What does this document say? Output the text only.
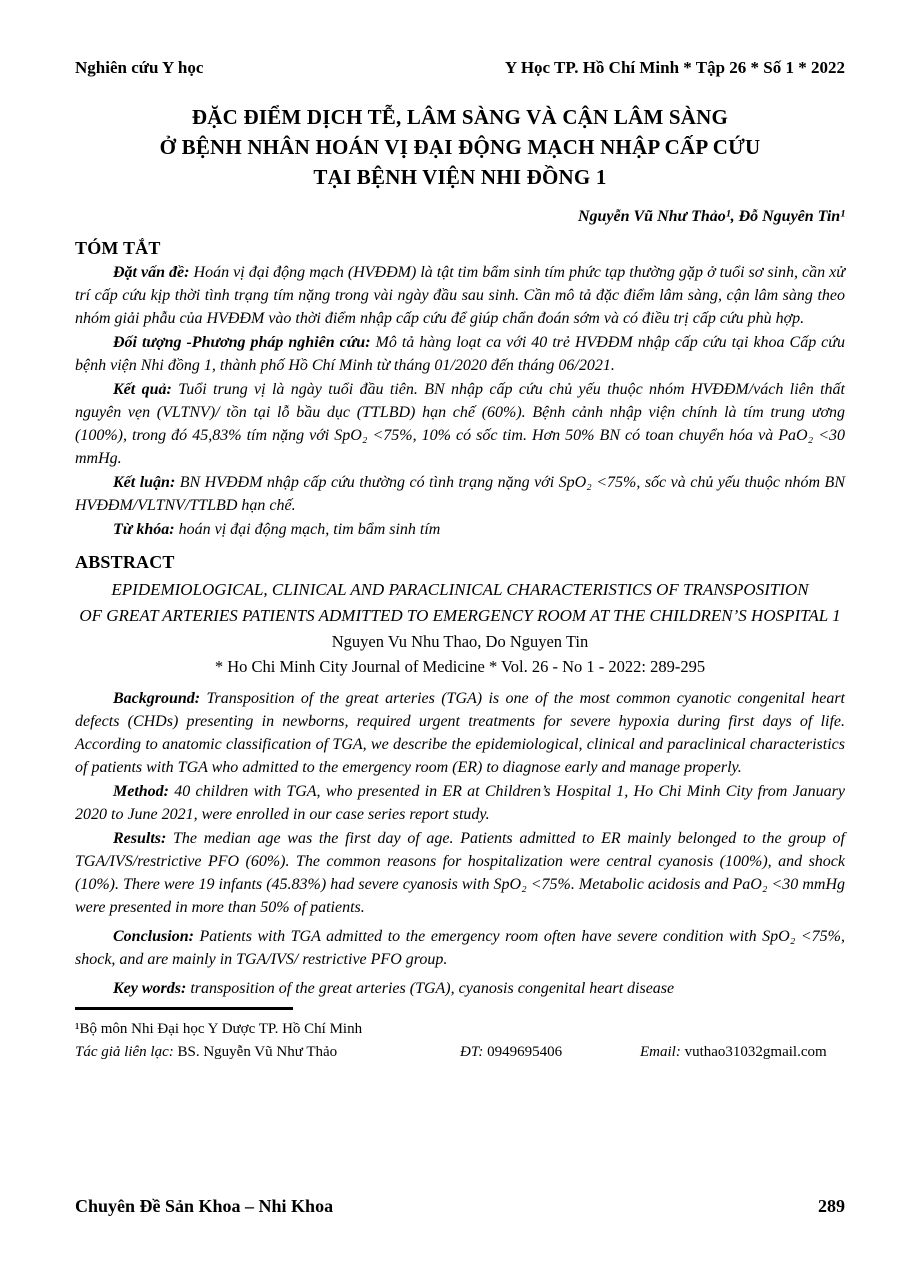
Nghiên cứu Y học	Y Học TP. Hồ Chí Minh * Tập 26 * Số 1 * 2022
ĐẶC ĐIỂM DỊCH TỄ, LÂM SÀNG VÀ CẬN LÂM SÀNG
Ở BỆNH NHÂN HOÁN VỊ ĐẠI ĐỘNG MẠCH NHẬP CẤP CỨU
TẠI BỆNH VIỆN NHI ĐỒNG 1
Nguyễn Vũ Như Thảo¹, Đỗ Nguyên Tin¹
TÓM TẮT

Đặt vấn đề: Hoán vị đại động mạch (HVĐĐM) là tật tim bẩm sinh tím phức tạp thường gặp ở tuổi sơ sinh, cần xử trí cấp cứu kịp thời tình trạng tím nặng trong vài ngày đầu sau sinh. Cần mô tả đặc điểm lâm sàng, cận lâm sàng theo nhóm giải phẫu của HVĐĐM vào thời điểm nhập cấp cứu để giúp chẩn đoán sớm và có điều trị cấp cứu phù hợp.

Đối tượng -Phương pháp nghiên cứu: Mô tả hàng loạt ca với 40 trẻ HVĐĐM nhập cấp cứu tại khoa Cấp cứu bệnh viện Nhi đồng 1, thành phố Hồ Chí Minh từ tháng 01/2020 đến tháng 06/2021.

Kết quả: Tuổi trung vị là ngày tuổi đầu tiên. BN nhập cấp cứu chủ yếu thuộc nhóm HVĐĐM/vách liên thất nguyên vẹn (VLTNV)/ tồn tại lỗ bầu dục (TTLBD) hạn chế (60%). Bệnh cảnh nhập viện chính là tím trung ương (100%), trong đó 45,83% tím nặng với SpO₂ <75%, 10% có sốc tim. Hơn 50% BN có toan chuyển hóa và PaO₂ <30 mmHg.

Kết luận: BN HVĐĐM nhập cấp cứu thường có tình trạng nặng với SpO₂ <75%, sốc và chủ yếu thuộc nhóm BN HVĐĐM/VLTNV/TTLBD hạn chế.

Từ khóa: hoán vị đại động mạch, tim bẩm sinh tím

ABSTRACT
EPIDEMIOLOGICAL, CLINICAL AND PARACLINICAL CHARACTERISTICS OF TRANSPOSITION
OF GREAT ARTERIES PATIENTS ADMITTED TO EMERGENCY ROOM AT THE CHILDREN’S HOSPITAL 1
Nguyen Vu Nhu Thao, Do Nguyen Tin
* Ho Chi Minh City Journal of Medicine * Vol. 26 - No 1 - 2022: 289-295

Background: Transposition of the great arteries (TGA) is one of the most common cyanotic congenital heart defects (CHDs) presenting in newborns, required urgent treatments for severe hypoxia during first days of life. According to anatomic classification of TGA, we describe the epidemiological, clinical and paraclinical characteristics of patients with TGA who admitted to the emergency room (ER) to diagnose early and manage properly.

Method: 40 children with TGA, who presented in ER at Children’s Hospital 1, Ho Chi Minh City from January 2020 to June 2021, were enrolled in our case series report study.

Results: The median age was the first day of age. Patients admitted to ER mainly belonged to the group of TGA/IVS/restrictive PFO (60%). The common reasons for hospitalization were central cyanosis (100%), and shock (10%). There were 19 infants (45.83%) had severe cyanosis with SpO₂ <75%. Metabolic acidosis and PaO₂ <30 mmHg were presented in more than 50% of patients.

Conclusion: Patients with TGA admitted to the emergency room often have severe condition with SpO₂ <75%, shock, and are mainly in TGA/IVS/ restrictive PFO group.

Key words: transposition of the great arteries (TGA), cyanosis congenital heart disease

¹Bộ môn Nhi Đại học Y Dược TP. Hồ Chí Minh
Tác giả liên lạc: BS. Nguyễn Vũ Như Thảo	ĐT: 0949695406	Email: vuthao31032gmail.com
Chuyên Đề Sản Khoa – Nhi Khoa	289
